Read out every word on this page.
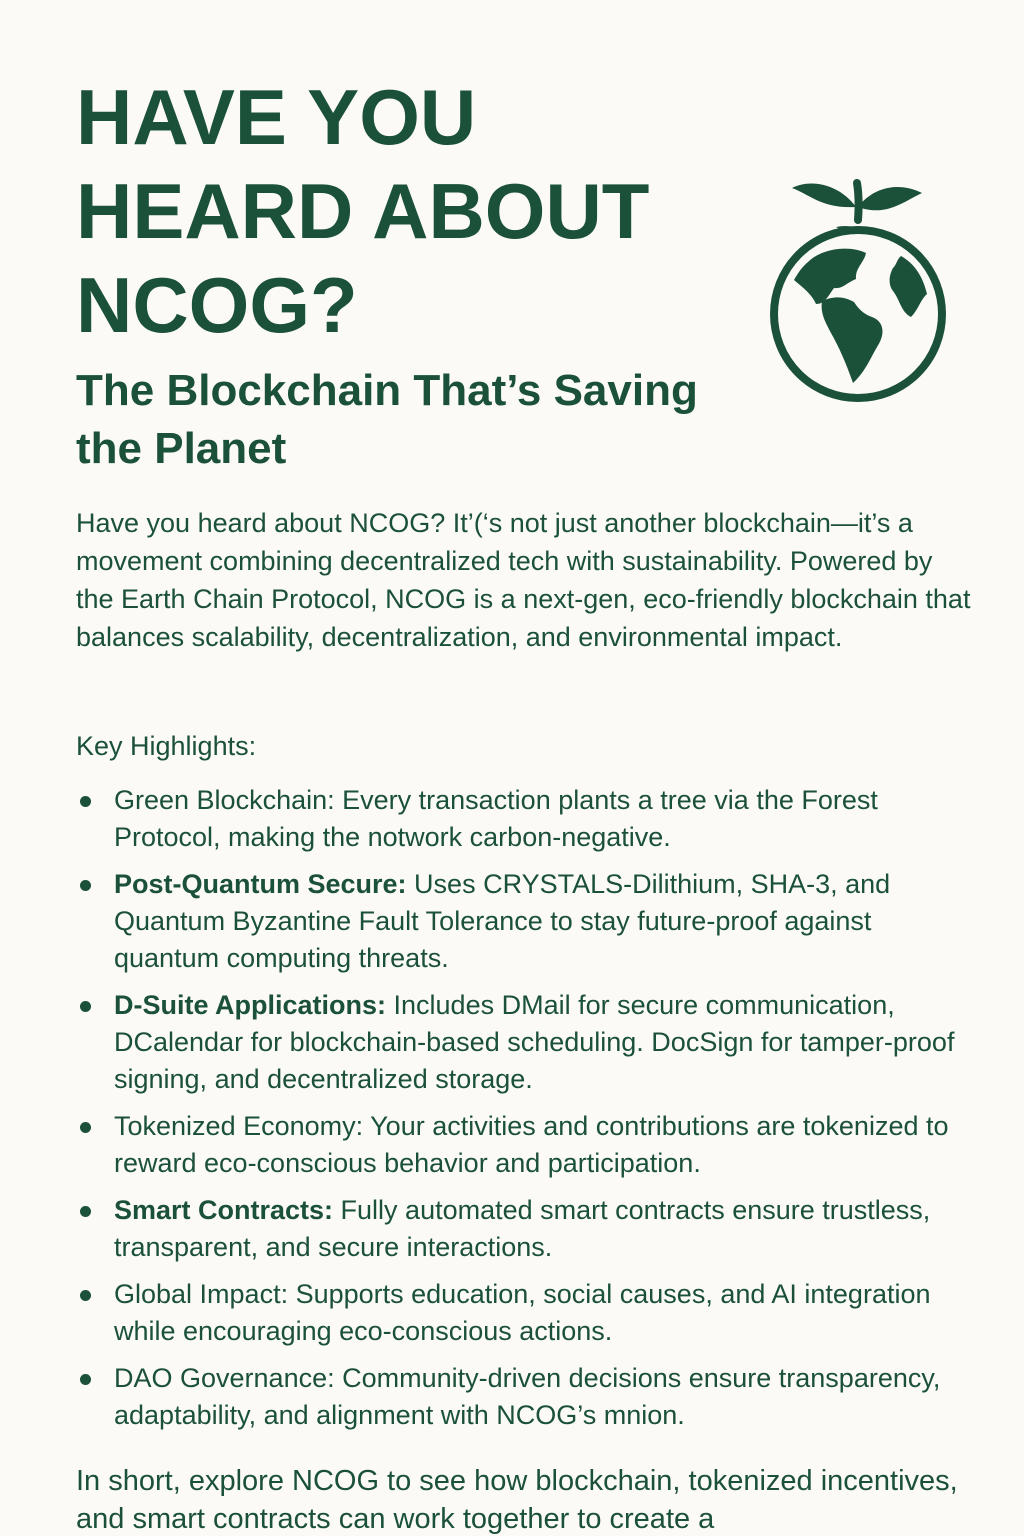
HAVE YOU HEARD ABOUT NCOG?
The Blockchain That’s Saving the Planet

Have you heard about NCOG? It’(‘s not just another blockchain—it’s a movement combining decentralized tech with sustainability. Powered by the Earth Chain Protocol, NCOG is a next-gen, eco-friendly blockchain that balances scalability, decentralization, and environmental impact.

Key Highlights:
Green Blockchain: Every transaction plants a tree via the Forest Protocol, making the notwork carbon-negative.
Post-Quantum Secure: Uses CRYSTALS-Dilithium, SHA-3, and Quantum Byzantine Fault Tolerance to stay future-proof against quantum computing threats.
D-Suite Applications: Includes DMail for secure communication, DCalendar for blockchain-based scheduling. DocSign for tamper-proof signing, and decentralized storage.
Tokenized Economy: Your activities and contributions are tokenized to reward eco-conscious behavior and participation.
Smart Contracts: Fully automated smart contracts ensure trustless, transparent, and secure interactions.
Global Impact: Supports education, social causes, and AI integration while encouraging eco-conscious actions.
DAO Governance: Community-driven decisions ensure transparency, adaptability, and alignment with NCOG’s mnion.

In short, explore NCOG to see how blockchain, tokenized incentives, and smart contracts can work together to create a
